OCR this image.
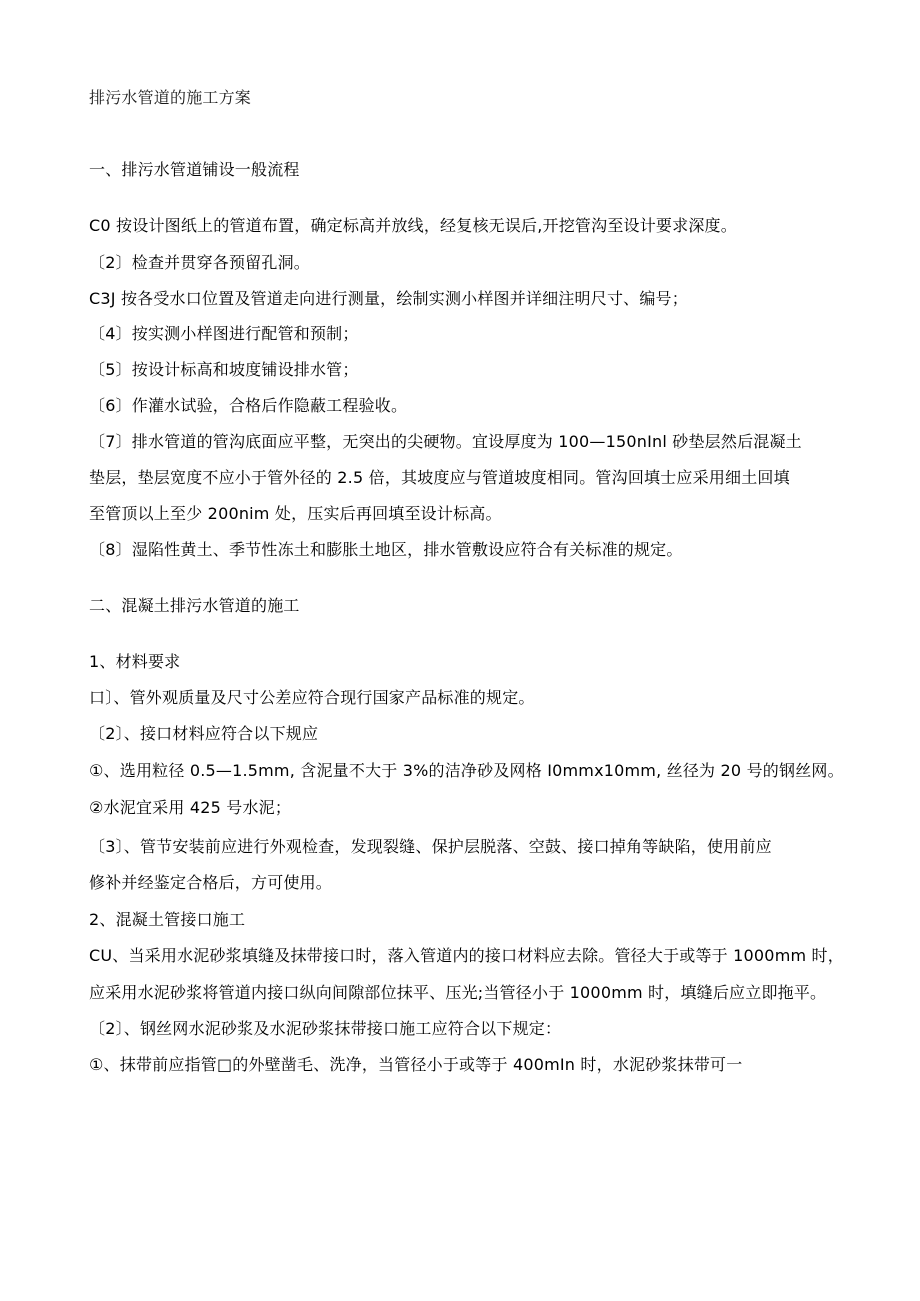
排污水管道的施工方案
一、排污水管道铺设一般流程
C0 按设计图纸上的管道布置，确定标高并放线，经复核无误后,开挖管沟至设计要求深度。
〔2〕检查并贯穿各预留孔洞。
C3J 按各受水口位置及管道走向进行测量，绘制实测小样图并详细注明尺寸、编号；
〔4〕按实测小样图进行配管和预制；
〔5〕按设计标高和坡度铺设排水管；
〔6〕作灌水试验，合格后作隐蔽工程验收。
〔7〕排水管道的管沟底面应平整，无突出的尖硬物。宜设厚度为 100—150nInl 砂垫层然后混凝土
垫层，垫层宽度不应小于管外径的 2.5 倍，其坡度应与管道坡度相同。管沟回填士应采用细土回填
至管顶以上至少 200nim 处，压实后再回填至设计标高。
〔8〕湿陷性黄土、季节性冻土和膨胀土地区，排水管敷设应符合有关标准的规定。
二、混凝土排污水管道的施工
1、材料要求
口〕、管外观质量及尺寸公差应符合现行国家产品标准的规定。
〔2〕、接口材料应符合以下规应
①、选用粒径 0.5—1.5mm, 含泥量不大于 3%的洁净砂及网格 I0mmx10mm, 丝径为 20 号的钢丝网。
②水泥宜采用 425 号水泥；
〔3〕、管节安装前应进行外观检查，发现裂缝、保护层脱落、空鼓、接口掉角等缺陷，使用前应
修补并经鉴定合格后，方可使用。
2、混凝土管接口施工
CU、当采用水泥砂浆填缝及抹带接口时，落入管道内的接口材料应去除。管径大于或等于 1000mm 时，
应采用水泥砂浆将管道内接口纵向间隙部位抹平、压光;当管径小于 1000mm 时，填缝后应立即拖平。
〔2〕、钢丝网水泥砂浆及水泥砂浆抹带接口施工应符合以下规定：
①、抹带前应指管□的外壁凿毛、洗净，当管径小于或等于 400mIn 时，水泥砂浆抹带可一
